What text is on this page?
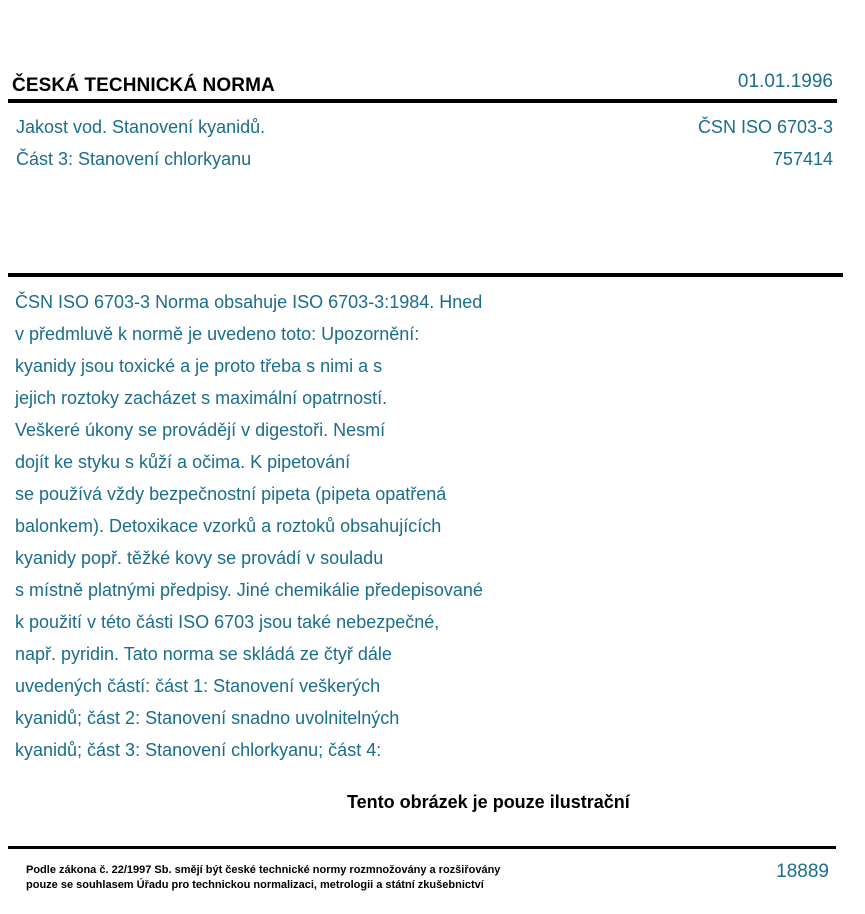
ČESKÁ TECHNICKÁ NORMA	01.01.1996
Jakost vod. Stanovení kyanidů.
Část 3: Stanovení chlorkyanu
ČSN ISO 6703-3
757414
ČSN ISO 6703-3 Norma obsahuje ISO 6703-3:1984. Hned
v předmluvě k normě je uvedeno toto: Upozornění:
kyanidy jsou toxické a je proto třeba s nimi a s
jejich roztoky zacházet s maximální opatrností.
Veškeré úkony se provádějí v digestoři. Nesmí
dojít ke styku s kůží a očima. K pipetování
se používá vždy bezpečnostní pipeta (pipeta opatřená
balonkem). Detoxikace vzorků a roztoků obsahujících
kyanidy popř. těžké kovy se provádí v souladu
s místně platnými předpisy. Jiné chemikálie předepisované
k použití v této části ISO 6703 jsou také nebezpečné,
např. pyridin. Tato norma se skládá ze čtyř dále
uvedených částí: část 1: Stanovení veškerých
kyanidů; část 2: Stanovení snadno uvolnitelných
kyanidů; část 3: Stanovení chlorkyanu; část 4:
Tento obrázek je pouze ilustrační
Podle zákona č. 22/1997 Sb. smějí být české technické normy rozmnožovány a rozšiřovány
pouze se souhlasem Úřadu pro technickou normalizaci, metrologii a státní zkušebnictví
18889
